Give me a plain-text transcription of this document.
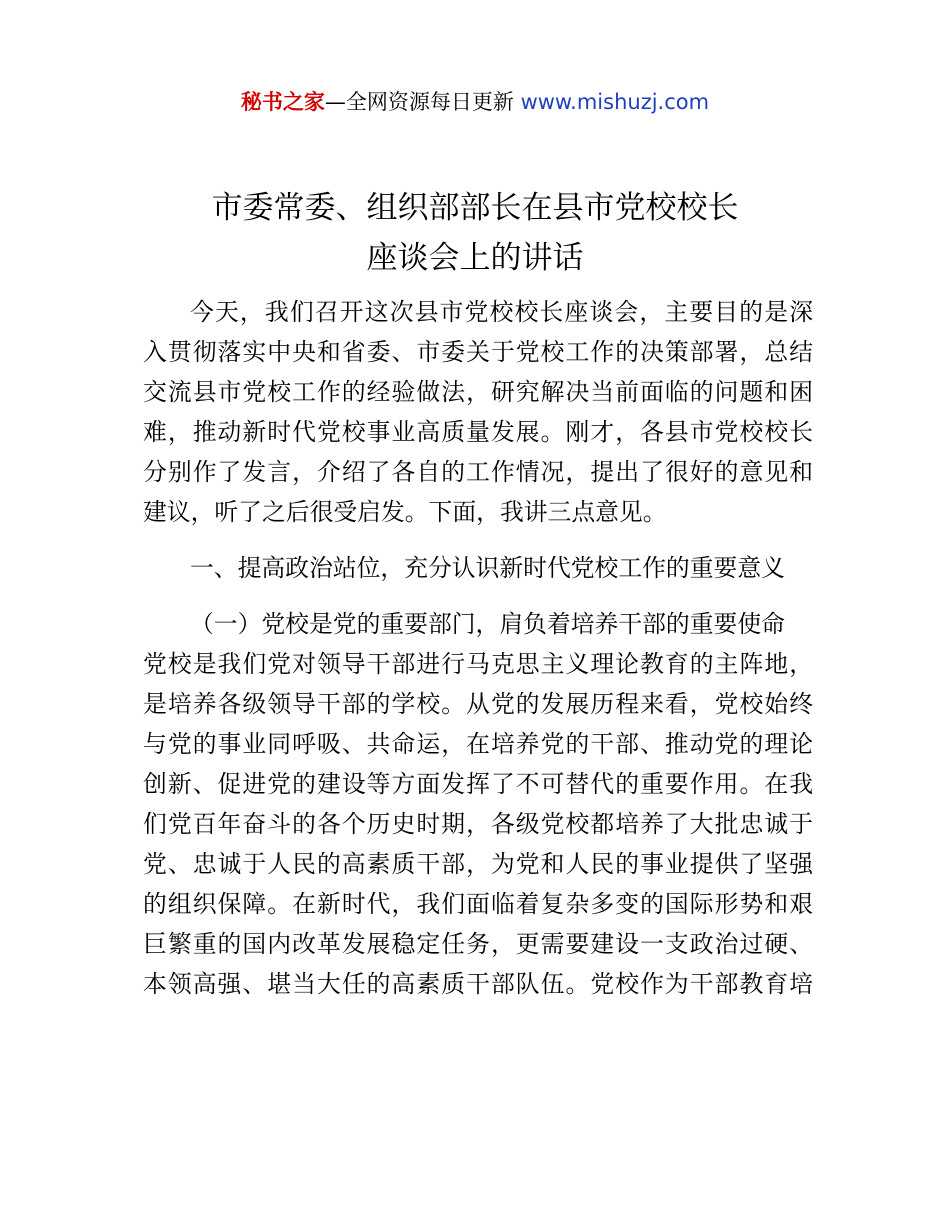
秘书之家—全网资源每日更新 www.mishuzj.com
市委常委、组织部部长在县市党校校长
座谈会上的讲话
今天，我们召开这次县市党校校长座谈会，主要目的是深
入贯彻落实中央和省委、市委关于党校工作的决策部署，总结
交流县市党校工作的经验做法，研究解决当前面临的问题和困
难，推动新时代党校事业高质量发展。刚才，各县市党校校长
分别作了发言，介绍了各自的工作情况，提出了很好的意见和
建议，听了之后很受启发。下面，我讲三点意见。
一、提高政治站位，充分认识新时代党校工作的重要意义
（一）党校是党的重要部门，肩负着培养干部的重要使命
党校是我们党对领导干部进行马克思主义理论教育的主阵地，
是培养各级领导干部的学校。从党的发展历程来看，党校始终
与党的事业同呼吸、共命运，在培养党的干部、推动党的理论
创新、促进党的建设等方面发挥了不可替代的重要作用。在我
们党百年奋斗的各个历史时期，各级党校都培养了大批忠诚于
党、忠诚于人民的高素质干部，为党和人民的事业提供了坚强
的组织保障。在新时代，我们面临着复杂多变的国际形势和艰
巨繁重的国内改革发展稳定任务，更需要建设一支政治过硬、
本领高强、堪当大任的高素质干部队伍。党校作为干部教育培
